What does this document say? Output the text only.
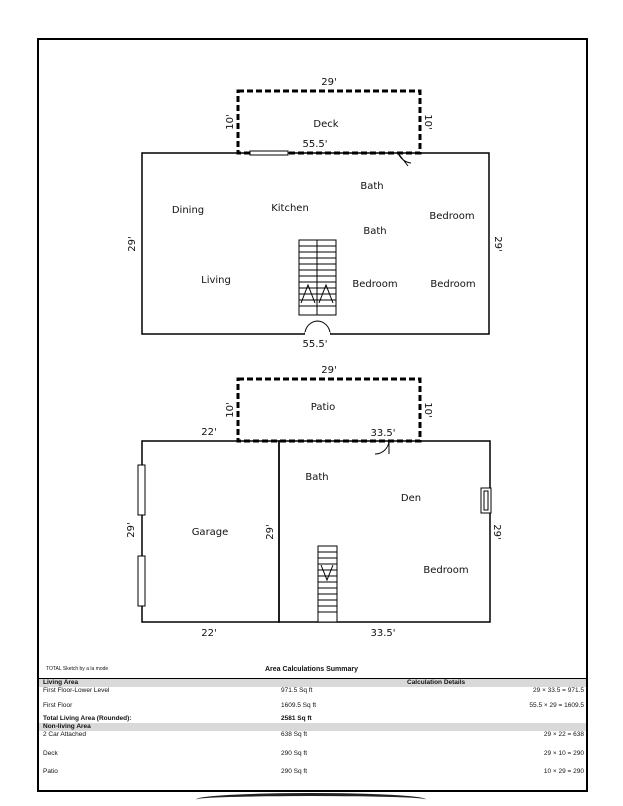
29'
10'	10'
Deck
55.5'
55.5'
29'	29'
Dining	Kitchen
Bath
Bedroom
Bath
Living	Bedroom	Bedroom
29'
10'	10'
Patio
22'
22'
29'	29'
33.5'
33.5'
29'
Garage
Bath
Den
Bedroom
TOTAL Sketch by a la mode	Area Calculations Summary
Living Area	Calculation Details
First Floor-Lower Level	971.5 Sq ft	29 × 33.5 = 971.5
First Floor	1609.5 Sq ft	55.5 × 29 = 1609.5
Total Living Area (Rounded):	2581 Sq ft
Non-living Area
2 Car Attached	638 Sq ft	29 × 22 = 638
Deck	290 Sq ft	29 × 10 = 290
Patio	290 Sq ft	10 × 29 = 290
